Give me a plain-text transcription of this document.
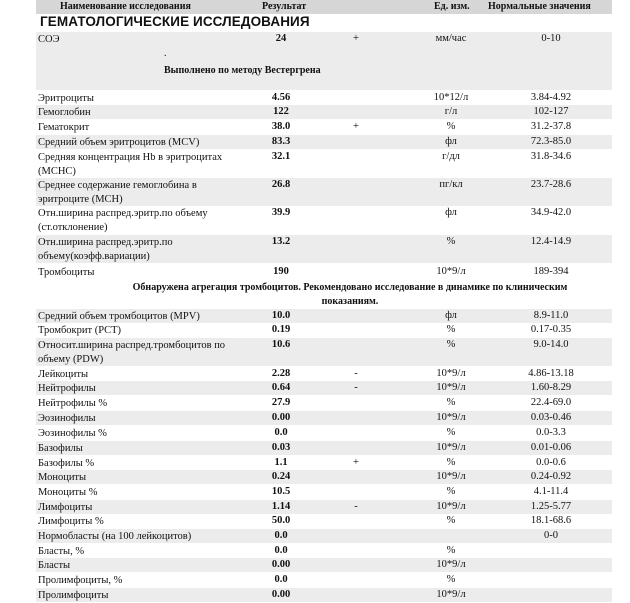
Наименование исследования	Результат	Ед. изм. Нормальные значения
ГЕМАТОЛОГИЧЕСКИЕ ИССЛЕДОВАНИЯ
СОЭ	24	+	мм/час	0-10
.
Выполнено по методу Вестергрена
Эритроциты	4.56	10*12/л	3.84-4.92
Гемоглобин	122	г/л	102-127
Гематокрит	38.0	+	%	31.2-37.8
Средний объем эритроцитов (MCV)	83.3	фл	72.3-85.0
Средняя концентрация Hb в эритроцитах (MCHC)
32.1	г/дл	31.8-34.6
Среднее содержание гемоглобина в эритроците (MCH)
26.8	пг/кл	23.7-28.6
Отн.ширина распред.эритр.по объему (ст.отклонение)
39.9	фл	34.9-42.0
Отн.ширина распред.эритр.по объему(коэфф.вариации)
13.2	%	12.4-14.9
Тромбоциты	190	10*9/л	189-394
Средний объем тромбоцитов (MPV)	10.0	фл	8.9-11.0
Тромбокрит (PCT)	0.19	%	0.17-0.35
Относит.ширина распред.тромбоцитов по объему (PDW)
10.6	%	9.0-14.0
Лейкоциты	2.28	-	10*9/л	4.86-13.18
Нейтрофилы	0.64	-	10*9/л	1.60-8.29
Нейтрофилы %	27.9	%	22.4-69.0
Эозинофилы	0.00	10*9/л	0.03-0.46
Эозинофилы %	0.0	%	0.0-3.3
Базофилы	0.03	10*9/л	0.01-0.06
Базофилы %	1.1	+	%	0.0-0.6
Моноциты	0.24	10*9/л	0.24-0.92
Моноциты %	10.5	%	4.1-11.4
Лимфоциты	1.14	-	10*9/л	1.25-5.77
Лимфоциты %	50.0	%	18.1-68.6
Нормобласты (на 100 лейкоцитов)	0.0	0-0
Бласты, %	0.0	%
Бласты	0.00	10*9/л
Пролимфоциты, %	0.0	%
Пролимфоциты	0.00	10*9/л
Обнаружена агрегация тромбоцитов. Рекомендовано исследование в динамике по клиническим показаниям.
